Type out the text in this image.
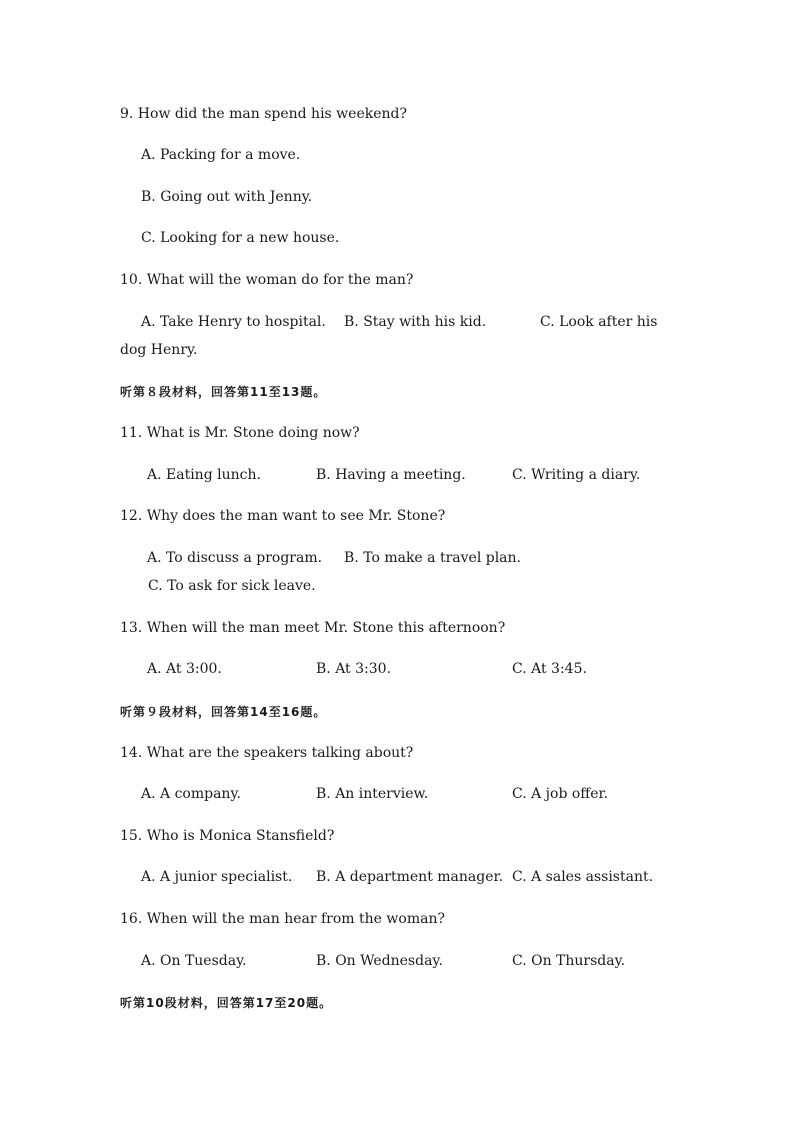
9. How did the man spend his weekend?
A. Packing for a move.
B. Going out with Jenny.
C. Looking for a new house.
10. What will the woman do for the man?
A. Take Henry to hospital. B. Stay with his kid.	C. Look after his
dog Henry.
听第８段材料，回答第11至13题。
11. What is Mr. Stone doing now?
A. Eating lunch.	B. Having a meeting.	C. Writing a diary.
12. Why does the man want to see Mr. Stone?
A. To discuss a program. B. To make a travel plan.
C. To ask for sick leave.
13. When will the man meet Mr. Stone this afternoon?
A. At 3:00.	B. At 3:30.	C. At 3:45.
听第９段材料，回答第14至16题。
14. What are the speakers talking about?
A. A company.	B. An interview.	C. A job offer.
15. Who is Monica Stansfield?
A. A junior specialist. B. A department manager. C. A sales assistant.
16. When will the man hear from the woman?
A. On Tuesday.	B. On Wednesday.	C. On Thursday.
听第10段材料，回答第17至20题。
